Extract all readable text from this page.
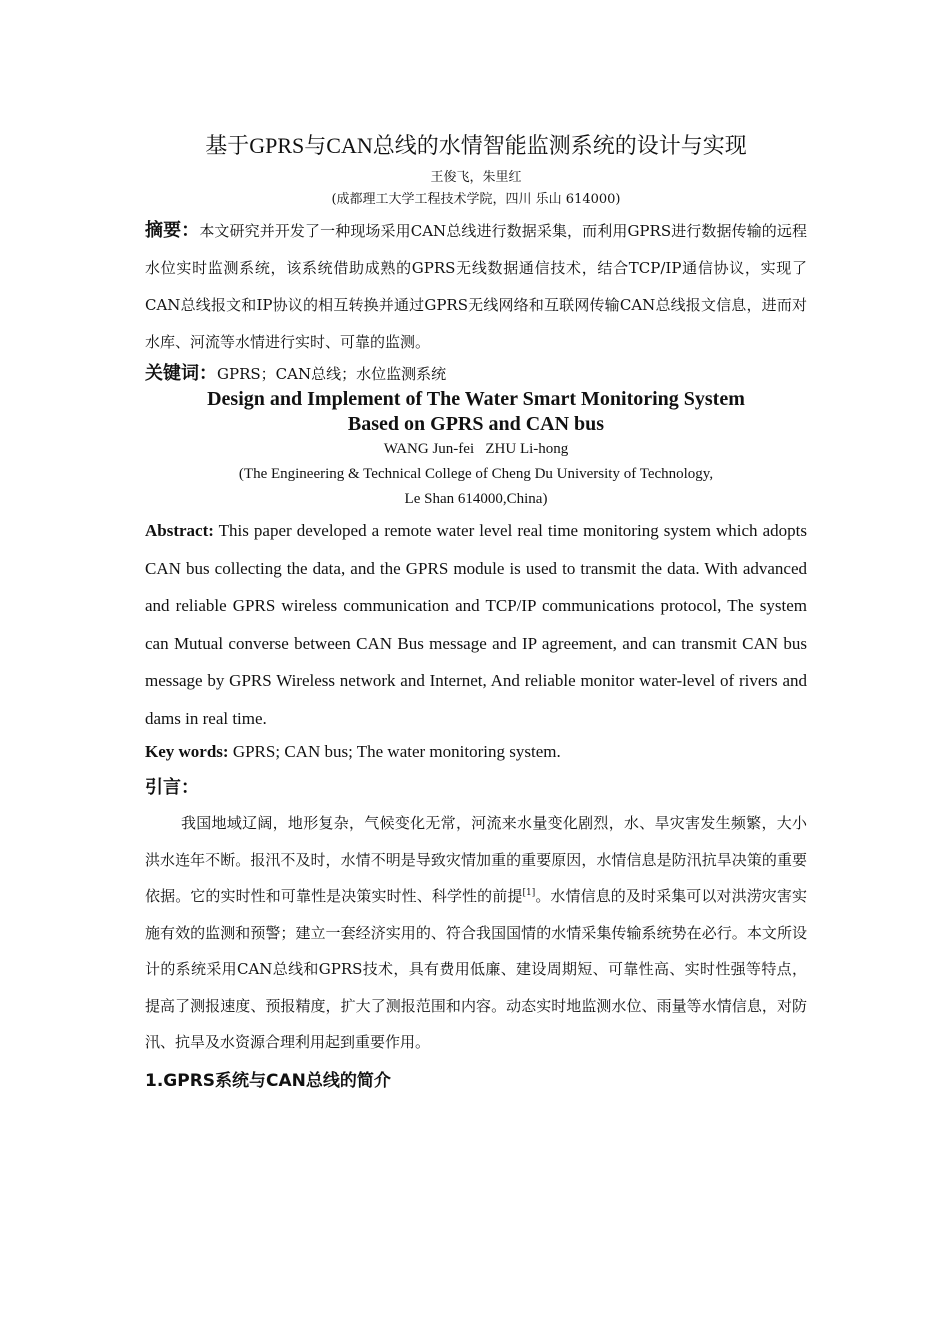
基于GPRS与CAN总线的水情智能监测系统的设计与实现

王俊飞，朱里红

(成都理工大学工程技术学院，四川 乐山 614000)

摘要：本文研究并开发了一种现场采用CAN总线进行数据采集，而利用GPRS进行数据传输的远程水位实时监测系统，该系统借助成熟的GPRS无线数据通信技术，结合TCP/IP通信协议，实现了CAN总线报文和IP协议的相互转换并通过GPRS无线网络和互联网传输CAN总线报文信息，进而对水库、河流等水情进行实时、可靠的监测。

关键词：GPRS；CAN总线；水位监测系统

Design and Implement of The Water Smart Monitoring System
Based on GPRS and CAN bus

WANG Jun-fei   ZHU Li-hong

(The Engineering & Technical College of Cheng Du University of Technology,

Le Shan 614000,China)

Abstract: This paper developed a remote water level real time monitoring system which adopts CAN bus collecting the data, and the GPRS module is used to transmit the data. With advanced and reliable GPRS wireless communication and TCP/IP communications protocol, The system can Mutual converse between CAN Bus message and IP agreement, and can transmit CAN bus message by GPRS Wireless network and Internet, And reliable monitor water-level of rivers and dams in real time.

Key words: GPRS; CAN bus; The water monitoring system.

引言：

我国地域辽阔，地形复杂，气候变化无常，河流来水量变化剧烈，水、旱灾害发生频繁，大小洪水连年不断。报汛不及时，水情不明是导致灾情加重的重要原因，水情信息是防汛抗旱决策的重要依据。它的实时性和可靠性是决策实时性、科学性的前提[1]。水情信息的及时采集可以对洪涝灾害实施有效的监测和预警；建立一套经济实用的、符合我国国情的水情采集传输系统势在必行。本文所设计的系统采用CAN总线和GPRS技术，具有费用低廉、建设周期短、可靠性高、实时性强等特点，提高了测报速度、预报精度，扩大了测报范围和内容。动态实时地监测水位、雨量等水情信息，对防汛、抗旱及水资源合理利用起到重要作用。

1.GPRS系统与CAN总线的简介
